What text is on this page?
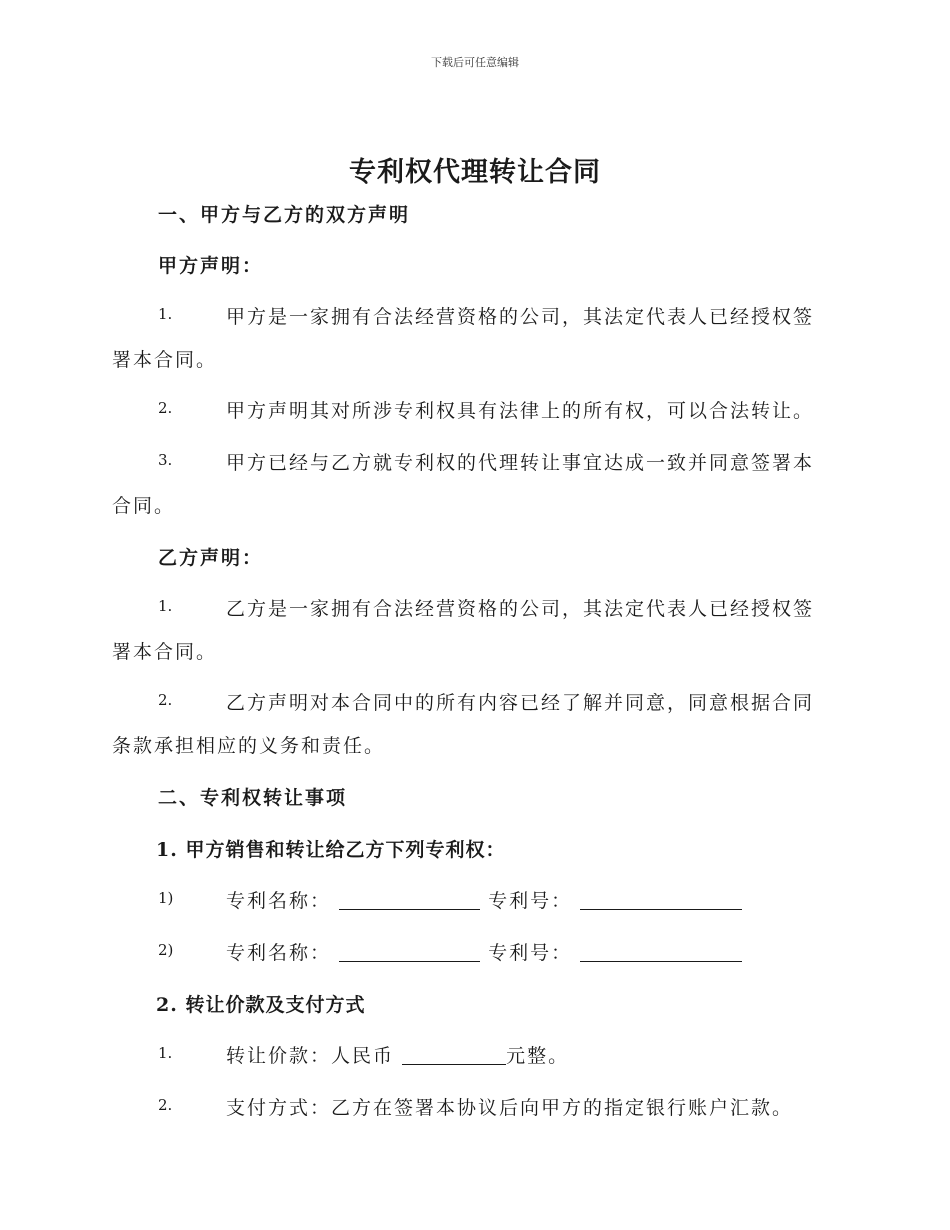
下载后可任意编辑
专利权代理转让合同
一、甲方与乙方的双方声明
甲方声明：
1.	甲方是一家拥有合法经营资格的公司，其法定代表人已经授权签
署本合同。
2.	甲方声明其对所涉专利权具有法律上的所有权，可以合法转让。
3.	甲方已经与乙方就专利权的代理转让事宜达成一致并同意签署本
合同。
乙方声明：
1.	乙方是一家拥有合法经营资格的公司，其法定代表人已经授权签
署本合同。
2.	乙方声明对本合同中的所有内容已经了解并同意，同意根据合同
条款承担相应的义务和责任。
二、专利权转让事项
1. 甲方销售和转让给乙方下列专利权：
1)	专利名称：	专利号：
2)	专利名称：	专利号：
2. 转让价款及支付方式
1.	转让价款：人民币	元整。
2.	支付方式：乙方在签署本协议后向甲方的指定银行账户汇款。
